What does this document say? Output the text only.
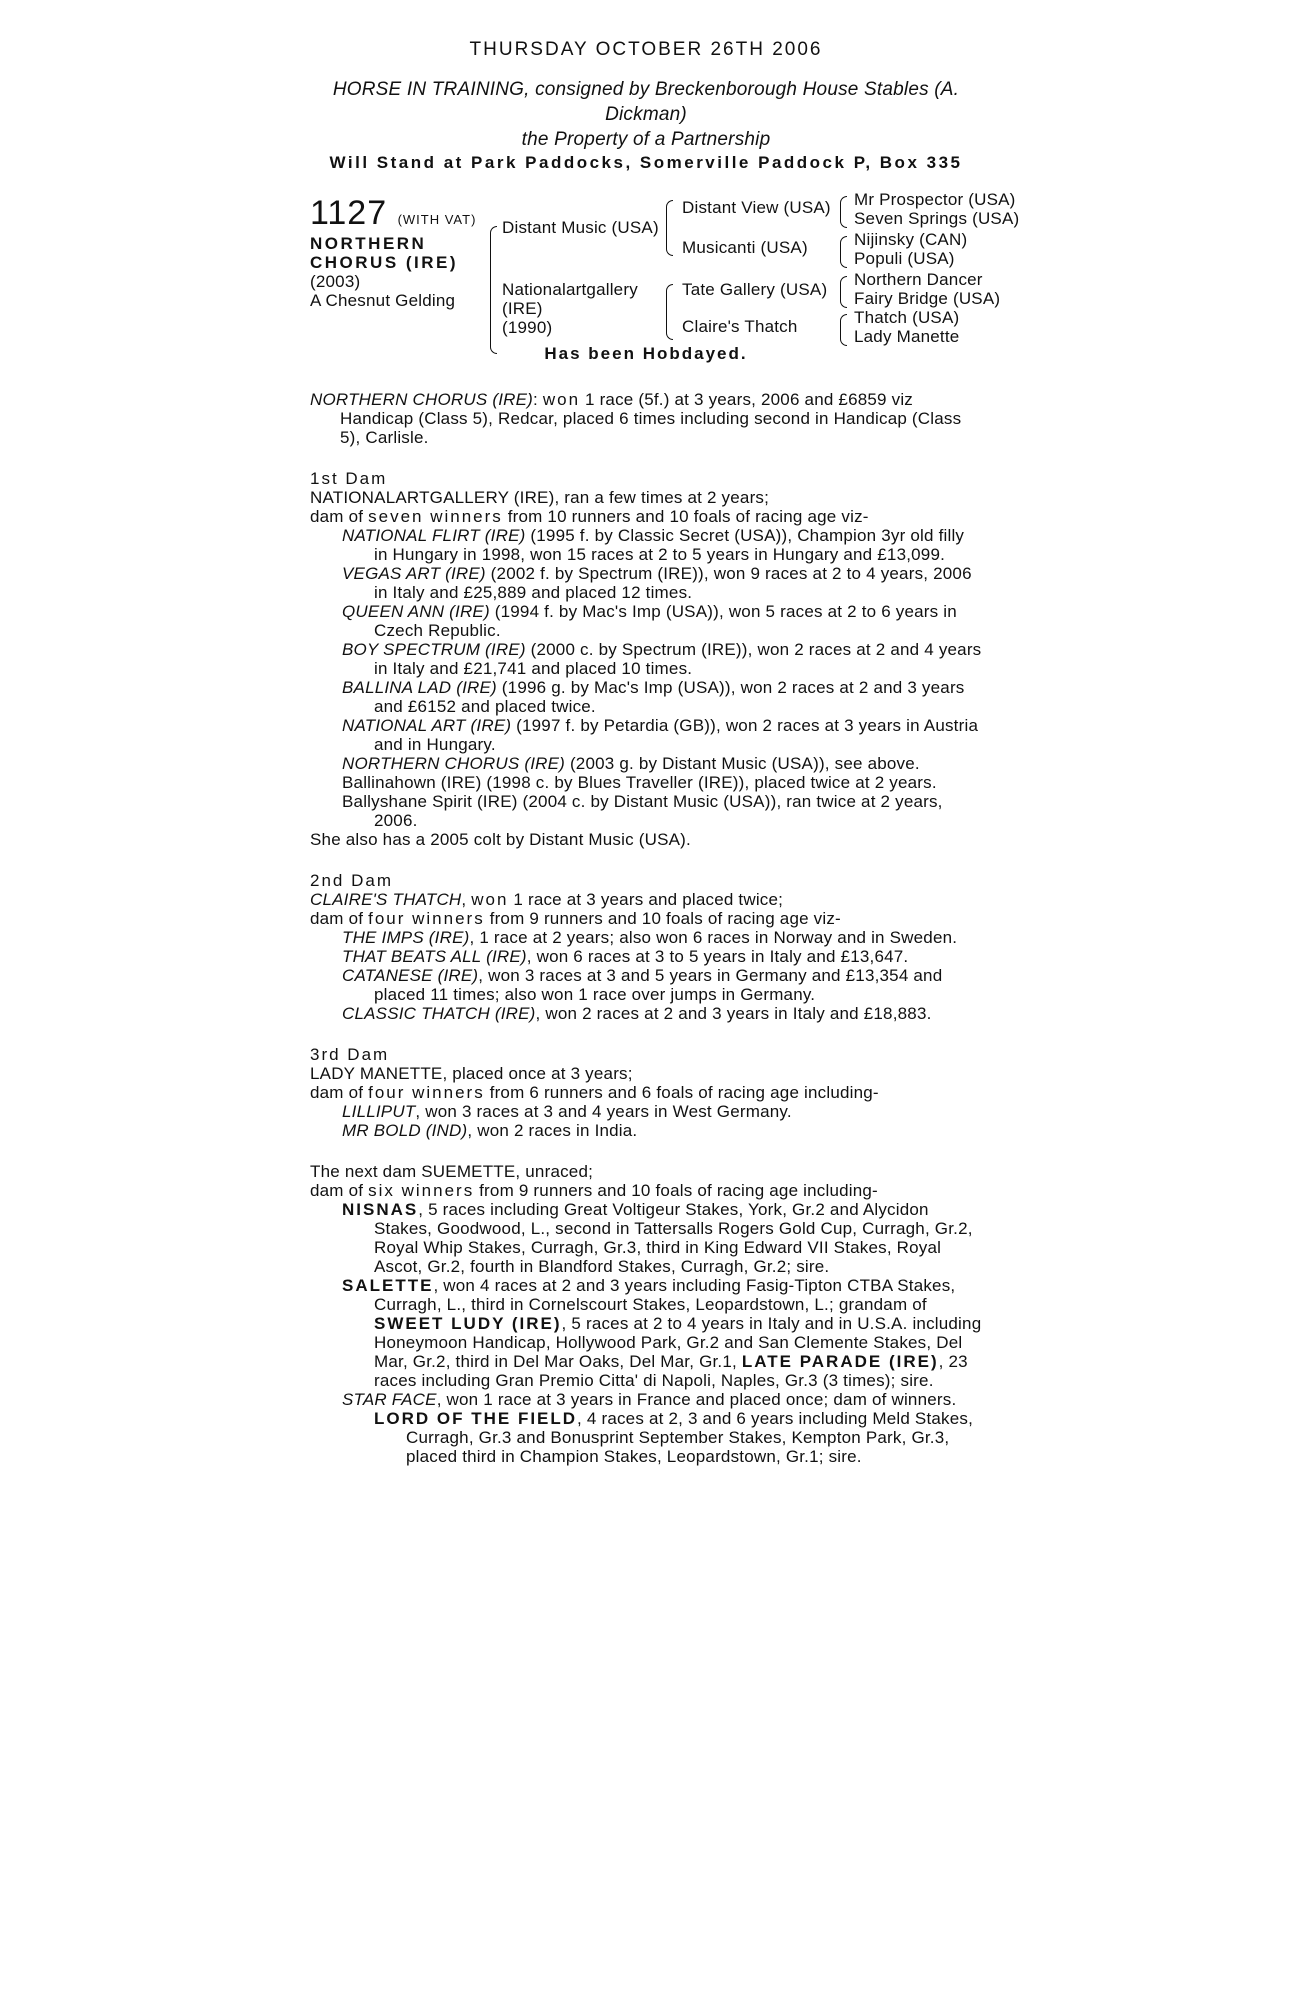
THURSDAY OCTOBER 26TH 2006
HORSE IN TRAINING, consigned by Breckenborough House Stables (A. Dickman)
the Property of a Partnership
Will Stand at Park Paddocks, Somerville Paddock P, Box 335
1127 (WITH VAT)
NORTHERN
CHORUS (IRE)
(2003)
A Chesnut Gelding
Distant Music (USA)
Nationalartgallery
(IRE)
(1990)
Distant View (USA)
Musicanti (USA)
Tate Gallery (USA)
Claire's Thatch
Mr Prospector (USA)
Seven Springs (USA)
Nijinsky (CAN)
Populi (USA)
Northern Dancer
Fairy Bridge (USA)
Thatch (USA)
Lady Manette
Has been Hobdayed.
NORTHERN CHORUS (IRE): won 1 race (5f.) at 3 years, 2006 and £6859 viz Handicap (Class 5), Redcar, placed 6 times including second in Handicap (Class 5), Carlisle.
1st Dam
NATIONALARTGALLERY (IRE), ran a few times at 2 years;
dam of seven winners from 10 runners and 10 foals of racing age viz-
NATIONAL FLIRT (IRE) (1995 f. by Classic Secret (USA)), Champion 3yr old filly in Hungary in 1998, won 15 races at 2 to 5 years in Hungary and £13,099.
VEGAS ART (IRE) (2002 f. by Spectrum (IRE)), won 9 races at 2 to 4 years, 2006 in Italy and £25,889 and placed 12 times.
QUEEN ANN (IRE) (1994 f. by Mac's Imp (USA)), won 5 races at 2 to 6 years in Czech Republic.
BOY SPECTRUM (IRE) (2000 c. by Spectrum (IRE)), won 2 races at 2 and 4 years in Italy and £21,741 and placed 10 times.
BALLINA LAD (IRE) (1996 g. by Mac's Imp (USA)), won 2 races at 2 and 3 years and £6152 and placed twice.
NATIONAL ART (IRE) (1997 f. by Petardia (GB)), won 2 races at 3 years in Austria and in Hungary.
NORTHERN CHORUS (IRE) (2003 g. by Distant Music (USA)), see above.
Ballinahown (IRE) (1998 c. by Blues Traveller (IRE)), placed twice at 2 years.
Ballyshane Spirit (IRE) (2004 c. by Distant Music (USA)), ran twice at 2 years, 2006.
She also has a 2005 colt by Distant Music (USA).
2nd Dam
CLAIRE'S THATCH, won 1 race at 3 years and placed twice;
dam of four winners from 9 runners and 10 foals of racing age viz-
THE IMPS (IRE), 1 race at 2 years; also won 6 races in Norway and in Sweden.
THAT BEATS ALL (IRE), won 6 races at 3 to 5 years in Italy and £13,647.
CATANESE (IRE), won 3 races at 3 and 5 years in Germany and £13,354 and placed 11 times; also won 1 race over jumps in Germany.
CLASSIC THATCH (IRE), won 2 races at 2 and 3 years in Italy and £18,883.
3rd Dam
LADY MANETTE, placed once at 3 years;
dam of four winners from 6 runners and 6 foals of racing age including-
LILLIPUT, won 3 races at 3 and 4 years in West Germany.
MR BOLD (IND), won 2 races in India.
The next dam SUEMETTE, unraced;
dam of six winners from 9 runners and 10 foals of racing age including-
NISNAS, 5 races including Great Voltigeur Stakes, York, Gr.2 and Alycidon Stakes, Goodwood, L., second in Tattersalls Rogers Gold Cup, Curragh, Gr.2, Royal Whip Stakes, Curragh, Gr.3, third in King Edward VII Stakes, Royal Ascot, Gr.2, fourth in Blandford Stakes, Curragh, Gr.2; sire.
SALETTE, won 4 races at 2 and 3 years including Fasig-Tipton CTBA Stakes, Curragh, L., third in Cornelscourt Stakes, Leopardstown, L.; grandam of SWEET LUDY (IRE), 5 races at 2 to 4 years in Italy and in U.S.A. including Honeymoon Handicap, Hollywood Park, Gr.2 and San Clemente Stakes, Del Mar, Gr.2, third in Del Mar Oaks, Del Mar, Gr.1, LATE PARADE (IRE), 23 races including Gran Premio Citta' di Napoli, Naples, Gr.3 (3 times); sire.
STAR FACE, won 1 race at 3 years in France and placed once; dam of winners.
LORD OF THE FIELD, 4 races at 2, 3 and 6 years including Meld Stakes, Curragh, Gr.3 and Bonusprint September Stakes, Kempton Park, Gr.3, placed third in Champion Stakes, Leopardstown, Gr.1; sire.
